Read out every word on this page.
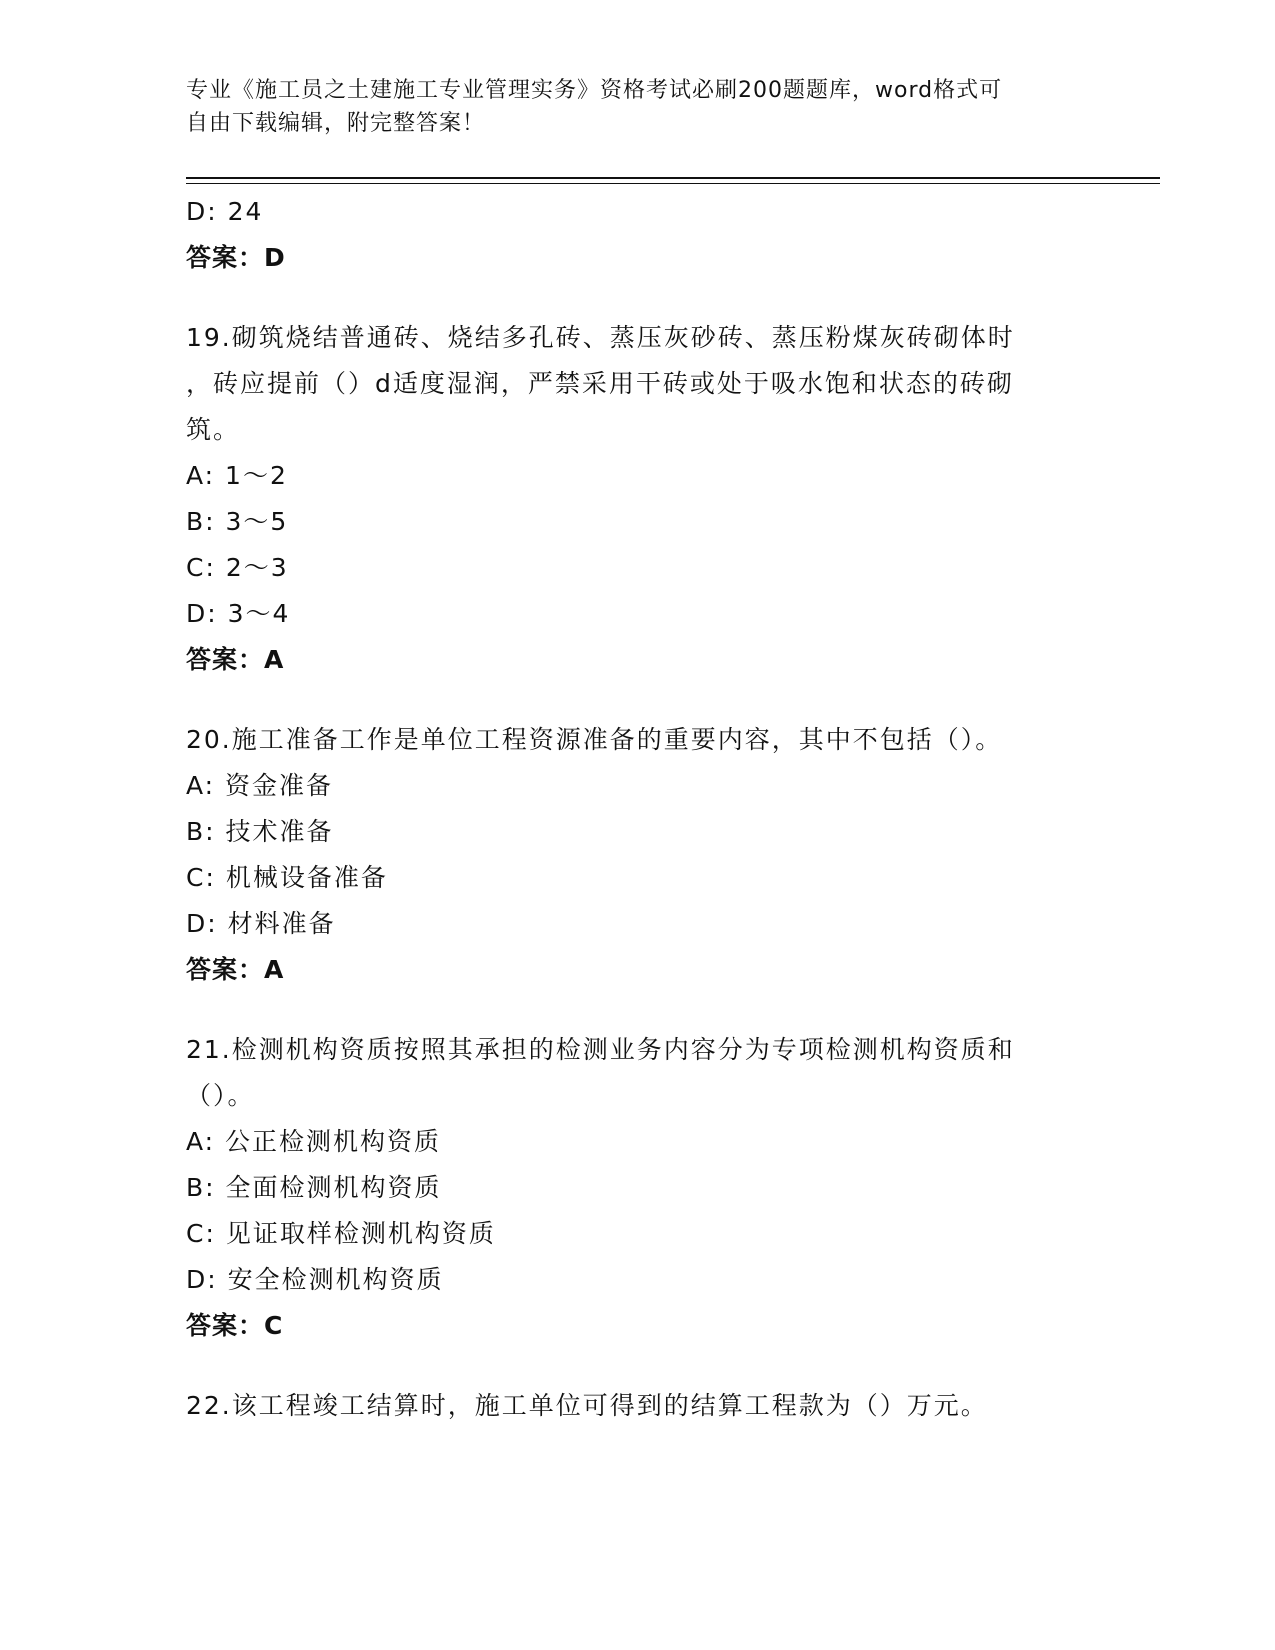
专业《施工员之土建施工专业管理实务》资格考试必刷200题题库，word格式可
自由下载编辑，附完整答案！
D: 24
答案：D
19.砌筑烧结普通砖、烧结多孔砖、蒸压灰砂砖、蒸压粉煤灰砖砌体时
，砖应提前（）d适度湿润，严禁采用干砖或处于吸水饱和状态的砖砌
筑。
A: 1～2
B: 3～5
C: 2～3
D: 3～4
答案：A
20.施工准备工作是单位工程资源准备的重要内容，其中不包括（）。
A: 资金准备
B: 技术准备
C: 机械设备准备
D: 材料准备
答案：A
21.检测机构资质按照其承担的检测业务内容分为专项检测机构资质和
（）。
A: 公正检测机构资质
B: 全面检测机构资质
C: 见证取样检测机构资质
D: 安全检测机构资质
答案：C
22.该工程竣工结算时，施工单位可得到的结算工程款为（）万元。
